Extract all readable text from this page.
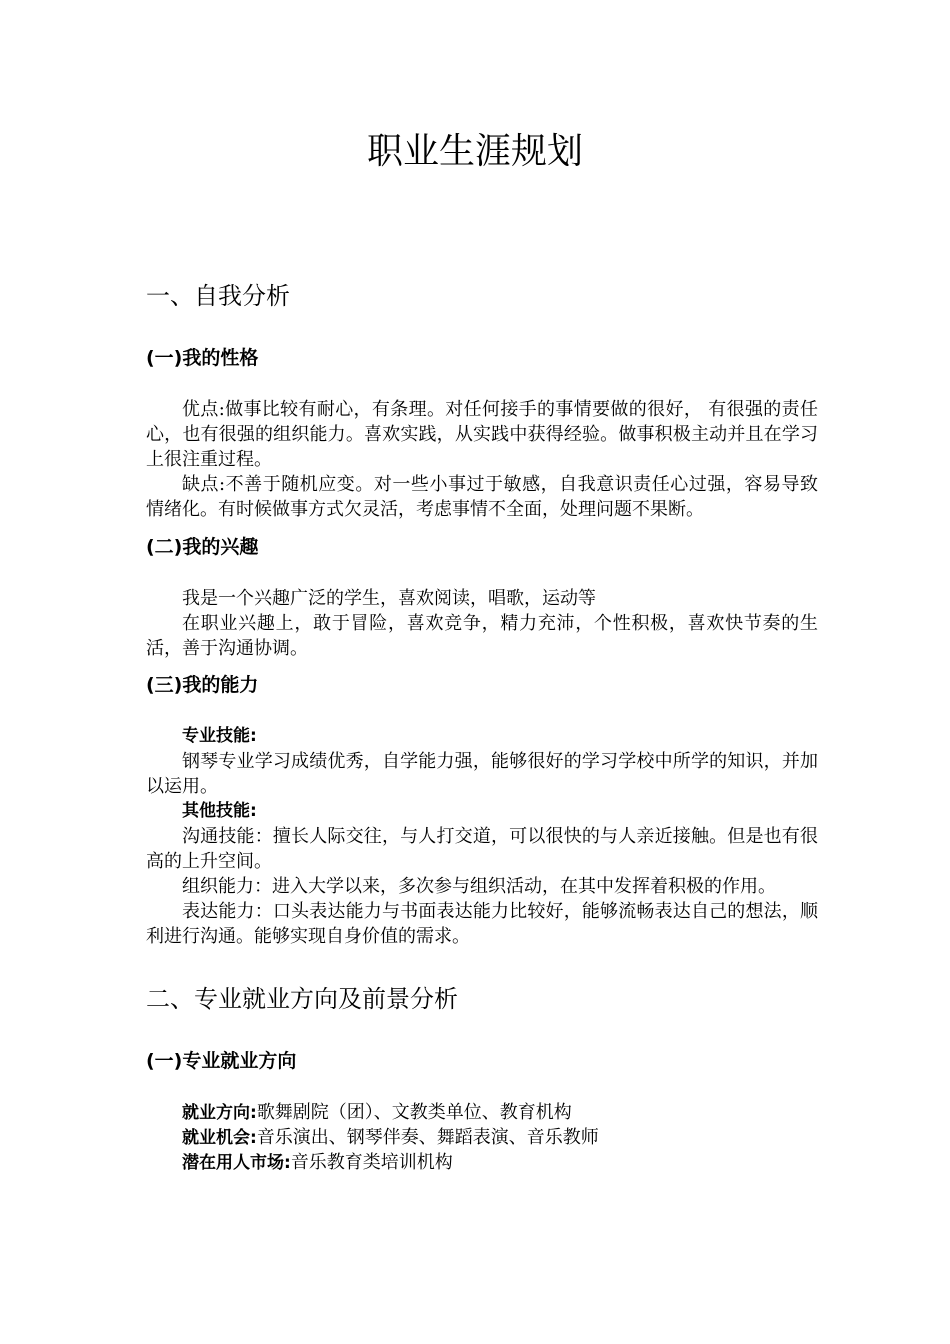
职业生涯规划
一、自我分析
(一)我的性格

优点:做事比较有耐心，有条理。对任何接手的事情要做的很好， 有很强的责任心，也有很强的组织能力。喜欢实践，从实践中获得经验。做事积极主动并且在学习上很注重过程。

缺点:不善于随机应变。对一些小事过于敏感，自我意识责任心过强，容易导致情绪化。有时候做事方式欠灵活，考虑事情不全面，处理问题不果断。

(二)我的兴趣

我是一个兴趣广泛的学生，喜欢阅读，唱歌，运动等

在职业兴趣上，敢于冒险，喜欢竞争，精力充沛，个性积极，喜欢快节奏的生活，善于沟通协调。

(三)我的能力
专业技能:

钢琴专业学习成绩优秀，自学能力强，能够很好的学习学校中所学的知识，并加以运用。

其他技能:

沟通技能：擅长人际交往，与人打交道，可以很快的与人亲近接触。但是也有很高的上升空间。

组织能力：进入大学以来，多次参与组织活动，在其中发挥着积极的作用。

表达能力：口头表达能力与书面表达能力比较好，能够流畅表达自己的想法，顺利进行沟通。能够实现自身价值的需求。

二、专业就业方向及前景分析
(一)专业就业方向
就业方向:歌舞剧院（团）、文教类单位、教育机构
就业机会:音乐演出、钢琴伴奏、舞蹈表演、音乐教师
潜在用人市场:音乐教育类培训机构
